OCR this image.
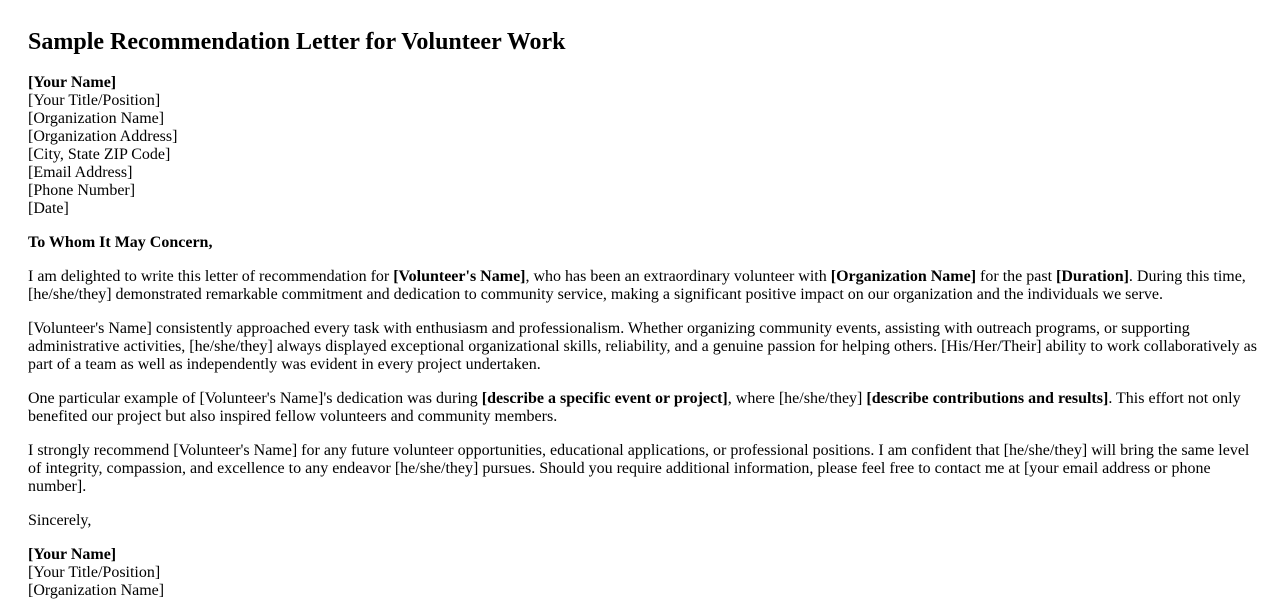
Sample Recommendation Letter for Volunteer Work
[Your Name]
[Your Title/Position]
[Organization Name]
[Organization Address]
[City, State ZIP Code]
[Email Address]
[Phone Number]
[Date]

To Whom It May Concern,

I am delighted to write this letter of recommendation for [Volunteer's Name], who has been an extraordinary volunteer with [Organization Name] for the past [Duration]. During this time, [he/she/they] demonstrated remarkable commitment and dedication to community service, making a significant positive impact on our organization and the individuals we serve.

[Volunteer's Name] consistently approached every task with enthusiasm and professionalism. Whether organizing community events, assisting with outreach programs, or supporting administrative activities, [he/she/they] always displayed exceptional organizational skills, reliability, and a genuine passion for helping others. [His/Her/Their] ability to work collaboratively as part of a team as well as independently was evident in every project undertaken.

One particular example of [Volunteer's Name]'s dedication was during [describe a specific event or project], where [he/she/they] [describe contributions and results]. This effort not only benefited our project but also inspired fellow volunteers and community members.

I strongly recommend [Volunteer's Name] for any future volunteer opportunities, educational applications, or professional positions. I am confident that [he/she/they] will bring the same level of integrity, compassion, and excellence to any endeavor [he/she/they] pursues. Should you require additional information, please feel free to contact me at [your email address or phone number].

Sincerely,

[Your Name]
[Your Title/Position]
[Organization Name]
